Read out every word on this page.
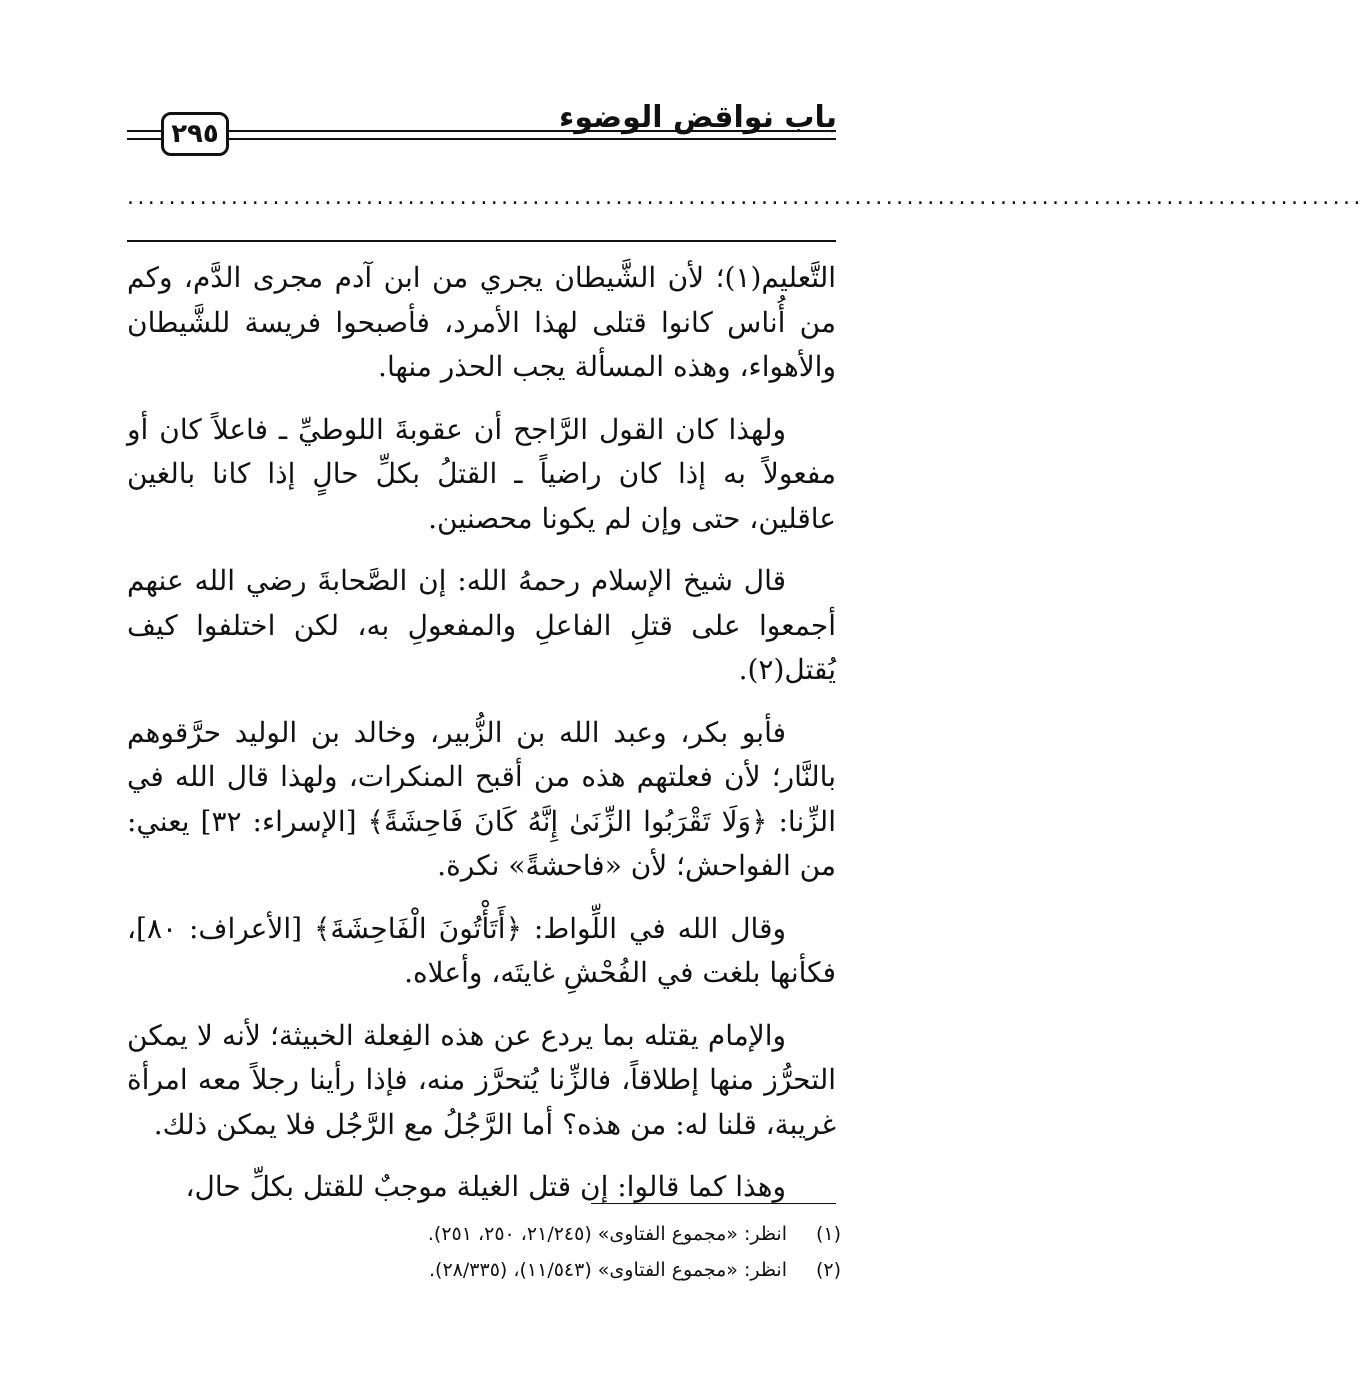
باب نواقض الوضوء
٢٩٥
.......................................................................................................................

التَّعليم(١)؛ لأن الشَّيطان يجري من ابن آدم مجرى الدَّم، وكم من أُناس كانوا قتلى لهذا الأمرد، فأصبحوا فريسة للشَّيطان والأهواء، وهذه المسألة يجب الحذر منها.

ولهذا كان القول الرَّاجح أن عقوبةَ اللوطيِّ ـ فاعلاً كان أو مفعولاً به إذا كان راضياً ـ القتلُ بكلِّ حالٍ إذا كانا بالغين عاقلين، حتى وإن لم يكونا محصنين.

قال شيخ الإسلام رحمهُ الله: إن الصَّحابةَ رضي الله عنهم أجمعوا على قتلِ الفاعلِ والمفعولِ به، لكن اختلفوا كيف يُقتل(٢).

فأبو بكر، وعبد الله بن الزُّبير، وخالد بن الوليد حرَّقوهم بالنَّار؛ لأن فعلتهم هذه من أقبح المنكرات، ولهذا قال الله في الزِّنا: ﴿وَلَا تَقْرَبُوا الزِّنَىٰ إِنَّهُ كَانَ فَاحِشَةً﴾ [الإسراء: ٣٢] يعني: من الفواحش؛ لأن «فاحشةً» نكرة.

وقال الله في اللِّواط: ﴿أَتَأْتُونَ الْفَاحِشَةَ﴾ [الأعراف: ٨٠]، فكأنها بلغت في الفُحْشِ غايتَه، وأعلاه.

والإمام يقتله بما يردع عن هذه الفِعلة الخبيثة؛ لأنه لا يمكن التحرُّز منها إطلاقاً، فالزِّنا يُتحرَّز منه، فإذا رأينا رجلاً معه امرأة غريبة، قلنا له: من هذه؟ أما الرَّجُلُ مع الرَّجُل فلا يمكن ذلك.

وهذا كما قالوا: إن قتل الغيلة موجبٌ للقتل بكلِّ حال،

(١)
انظر: «مجموع الفتاوى» (٢١/٢٤٥، ٢٥٠، ٢٥١).
(٢)
انظر: «مجموع الفتاوى» (١١/٥٤٣)، (٢٨/٣٣٥).
